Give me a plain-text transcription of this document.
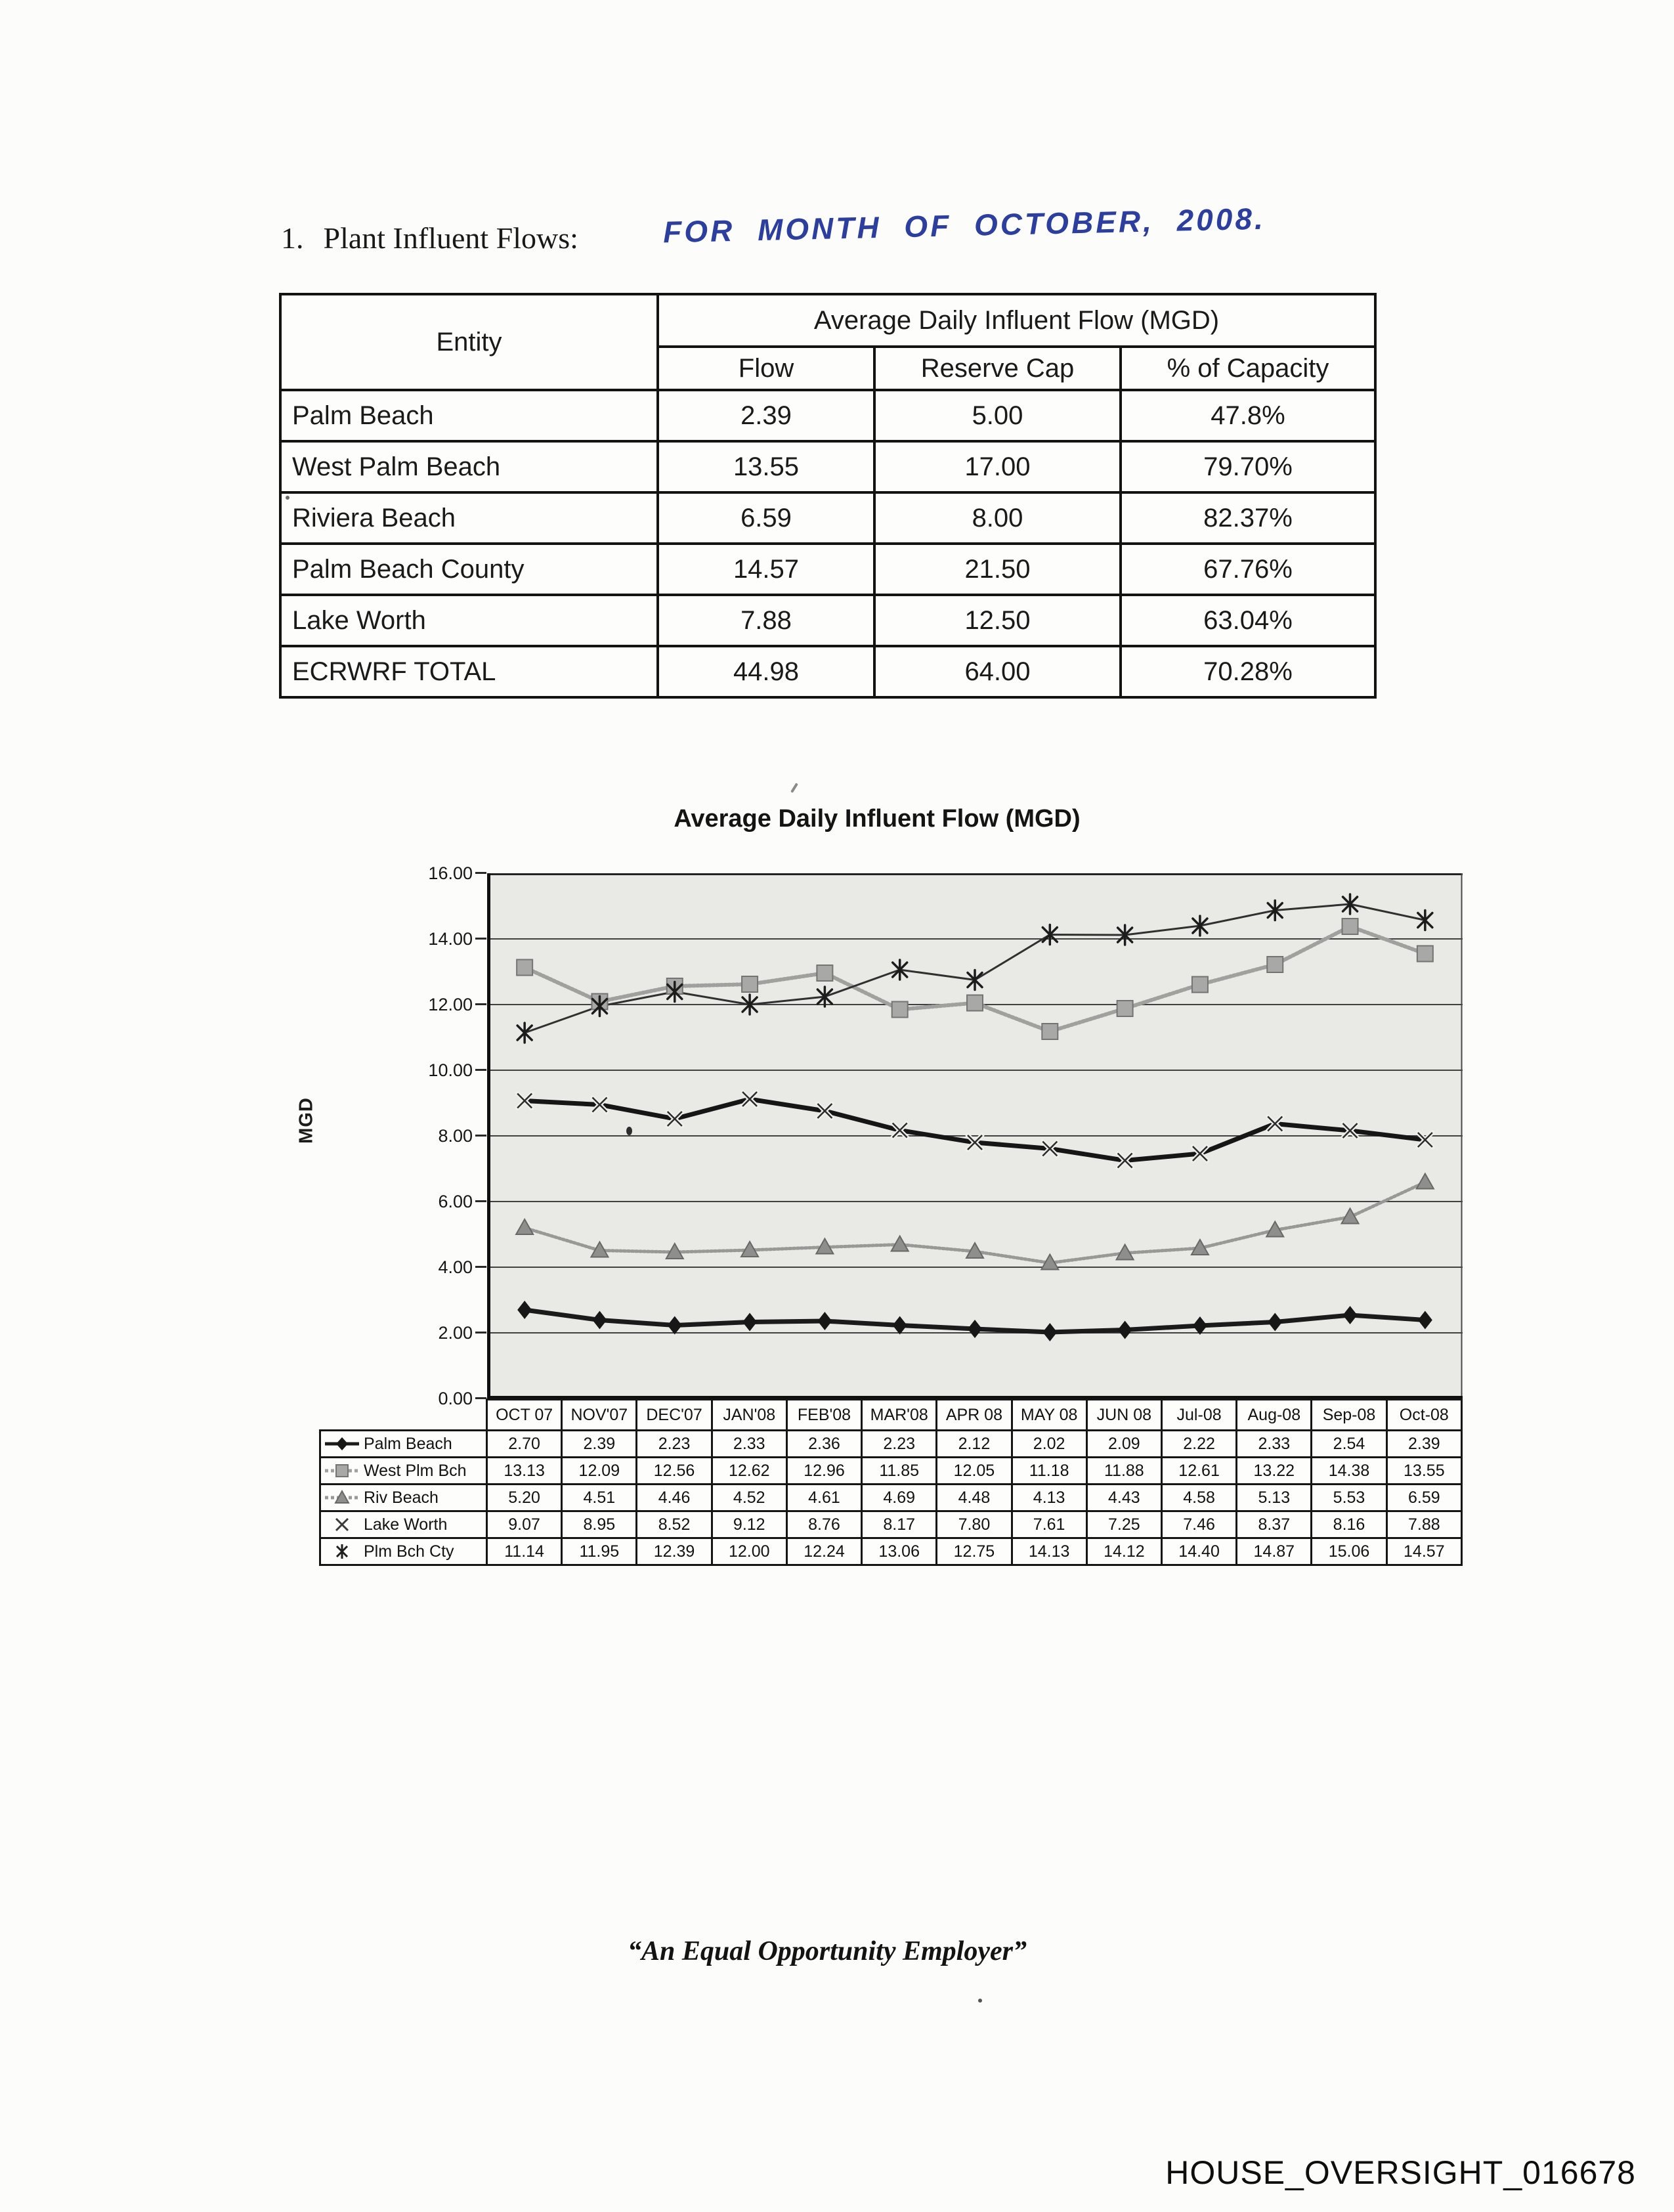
1. Plant Influent Flows:	FOR MONTH OF OCTOBER, 2008.
Entity	Average Daily Influent Flow (MGD)		
	Flow	Reserve Cap	% of Capacity
Palm Beach	2.39	5.00	47.8%
West Palm Beach	13.55	17.00	79.70%
Riviera Beach	6.59	8.00	82.37%
Palm Beach County	14.57	21.50	67.76%
Lake Worth	7.88	12.50	63.04%
ECRWRF TOTAL	44.98	64.00	70.28%
Average Daily Influent Flow (MGD)
MGD
16.00
14.00
12.00
10.00
8.00
6.00
4.00
2.00
0.00
	OCT 07	NOV'07	DEC'07	JAN'08	FEB'08	MAR'08	APR 08	MAY 08	JUN 08	Jul-08	Aug-08	Sep-08	Oct-08

Palm Beach	2.70	2.39	2.23	2.33	2.36	2.23	2.12	2.02	2.09	2.22	2.33	2.54	2.39

West Plm Bch	13.13	12.09	12.56	12.62	12.96	11.85	12.05	11.18	11.88	12.61	13.22	14.38	13.55

Riv Beach	5.20	4.51	4.46	4.52	4.61	4.69	4.48	4.13	4.43	4.58	5.13	5.53	6.59

Lake Worth	9.07	8.95	8.52	9.12	8.76	8.17	7.80	7.61	7.25	7.46	8.37	8.16	7.88

Plm Bch Cty	11.14	11.95	12.39	12.00	12.24	13.06	12.75	14.13	14.12	14.40	14.87	15.06	14.57
“An Equal Opportunity Employer”
HOUSE_OVERSIGHT_016678
